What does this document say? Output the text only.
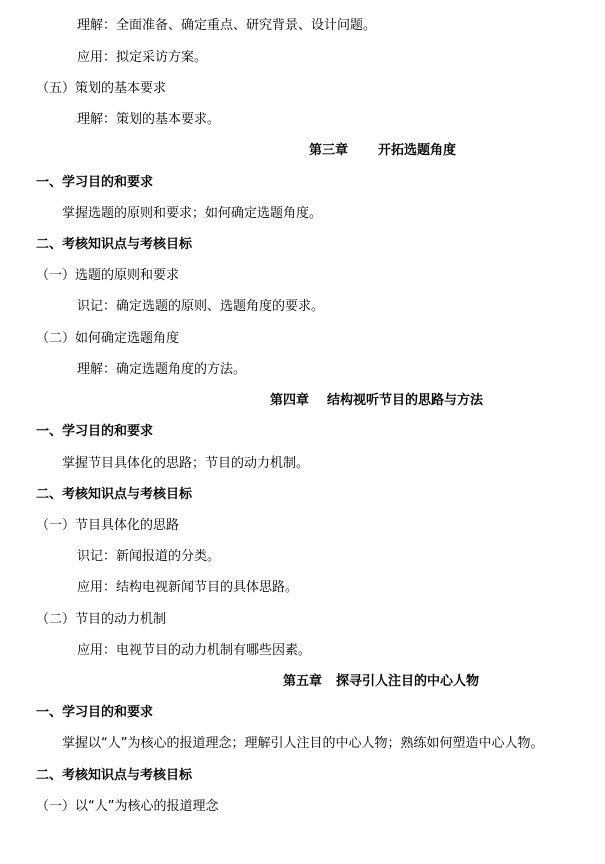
理解：全面准备、确定重点、研究背景、设计问题。
应用：拟定采访方案。
（五）策划的基本要求
理解：策划的基本要求。
第三章 开拓选题角度
一、学习目的和要求
掌握选题的原则和要求；如何确定选题角度。
二、考核知识点与考核目标
（一）选题的原则和要求
识记：确定选题的原则、选题角度的要求。
（二）如何确定选题角度
理解：确定选题角度的方法。
第四章 结构视听节目的思路与方法
一、学习目的和要求
掌握节目具体化的思路；节目的动力机制。
二、考核知识点与考核目标
（一）节目具体化的思路
识记：新闻报道的分类。
应用：结构电视新闻节目的具体思路。
（二）节目的动力机制
应用：电视节目的动力机制有哪些因素。
第五章 探寻引人注目的中心人物
一、学习目的和要求
掌握以“人”为核心的报道理念；理解引人注目的中心人物；熟练如何塑造中心人物。
二、考核知识点与考核目标
（一）以“人”为核心的报道理念
